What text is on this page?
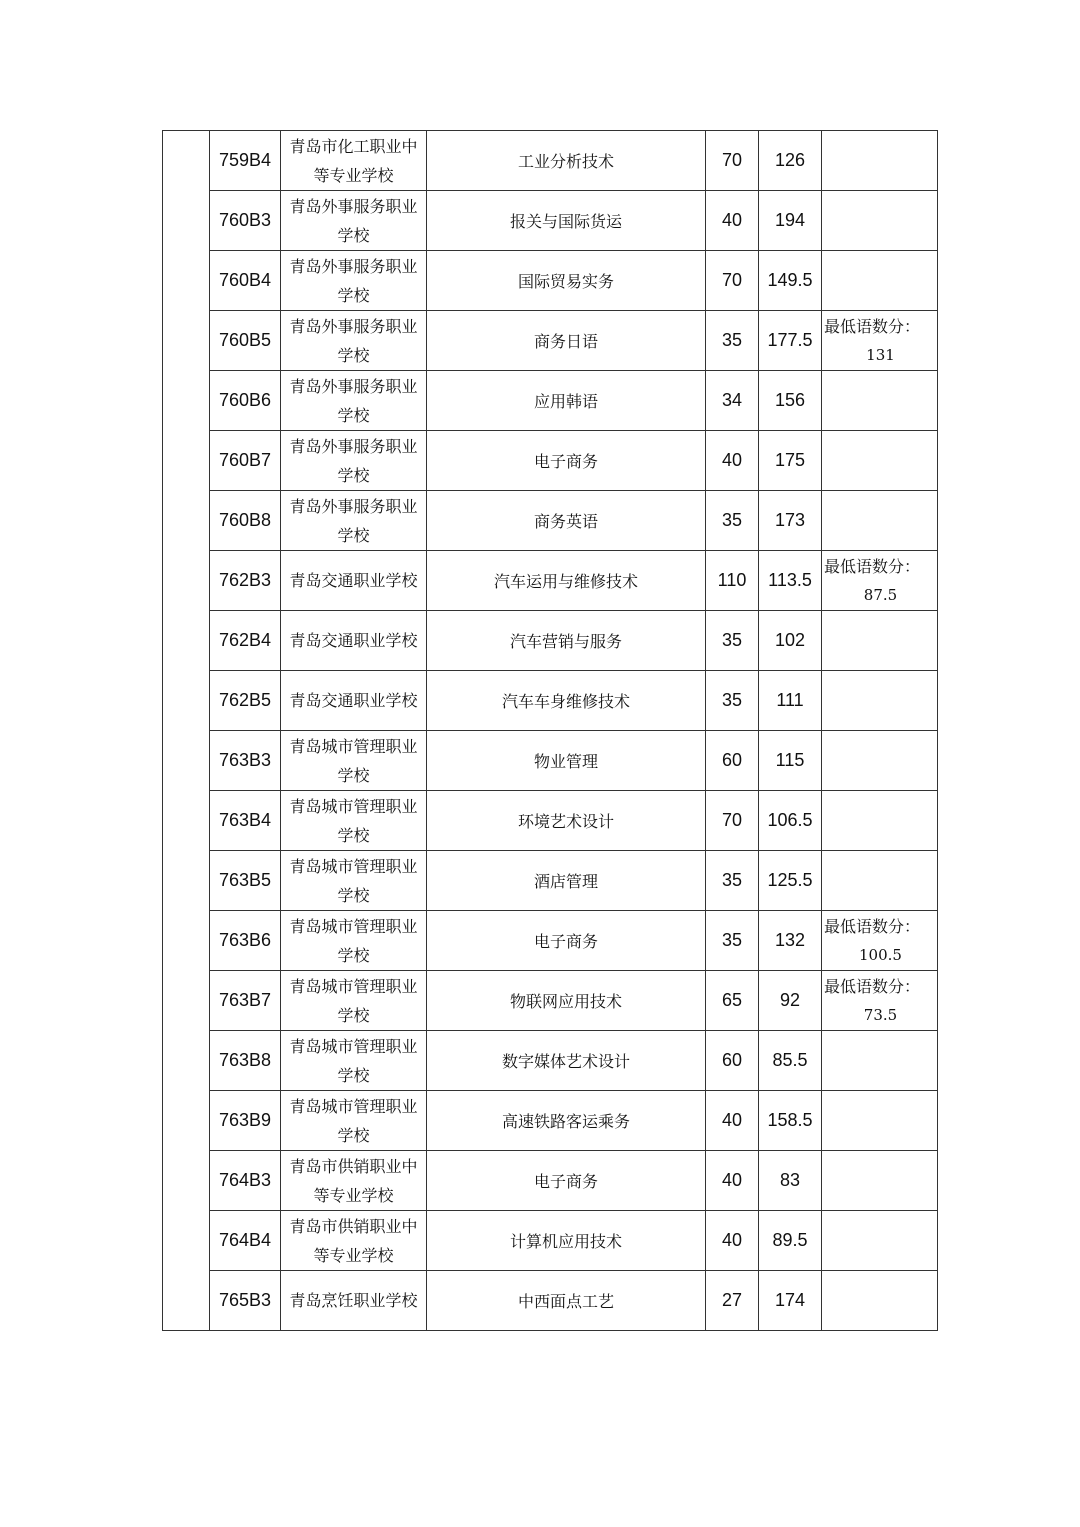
	759B4	青岛市化工职业中等专业学校	工业分析技术	70	126	

	760B3	青岛外事服务职业学校	报关与国际货运	40	194	

	760B4	青岛外事服务职业学校	国际贸易实务	70	149.5	

	760B5	青岛外事服务职业学校	商务日语	35	177.5	最低语数分：
131

	760B6	青岛外事服务职业学校	应用韩语	34	156	

	760B7	青岛外事服务职业学校	电子商务	40	175	

	760B8	青岛外事服务职业学校	商务英语	35	173	

	762B3	青岛交通职业学校	汽车运用与维修技术	110	113.5	最低语数分：
87.5

	762B4	青岛交通职业学校	汽车营销与服务	35	102	

	762B5	青岛交通职业学校	汽车车身维修技术	35	111	

	763B3	青岛城市管理职业学校	物业管理	60	115	

	763B4	青岛城市管理职业学校	环境艺术设计	70	106.5	

	763B5	青岛城市管理职业学校	酒店管理	35	125.5	

	763B6	青岛城市管理职业学校	电子商务	35	132	最低语数分：
100.5

	763B7	青岛城市管理职业学校	物联网应用技术	65	92	最低语数分：
73.5

	763B8	青岛城市管理职业学校	数字媒体艺术设计	60	85.5	

	763B9	青岛城市管理职业学校	高速铁路客运乘务	40	158.5	

	764B3	青岛市供销职业中等专业学校	电子商务	40	83	

	764B4	青岛市供销职业中等专业学校	计算机应用技术	40	89.5	

	765B3	青岛烹饪职业学校	中西面点工艺	27	174	
